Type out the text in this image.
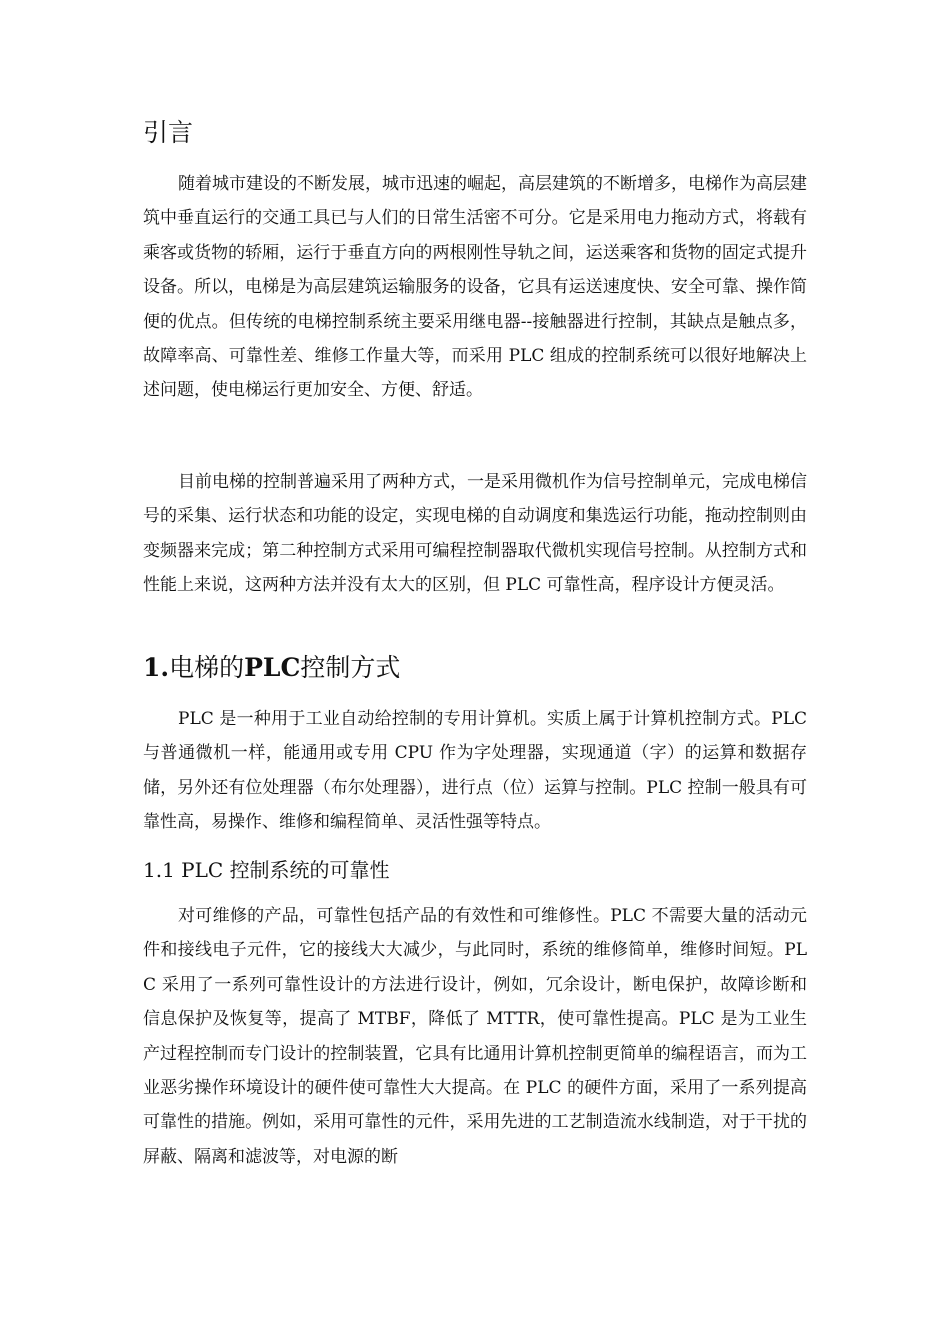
引言

随着城市建设的不断发展，城市迅速的崛起，高层建筑的不断增多，电梯作为高层建筑中垂直运行的交通工具已与人们的日常生活密不可分。它是采用电力拖动方式，将载有乘客或货物的轿厢，运行于垂直方向的两根刚性导轨之间，运送乘客和货物的固定式提升设备。所以，电梯是为高层建筑运输服务的设备，它具有运送速度快、安全可靠、操作简便的优点。但传统的电梯控制系统主要采用继电器--接触器进行控制，其缺点是触点多，故障率高、可靠性差、维修工作量大等，而采用 PLC 组成的控制系统可以很好地解决上述问题，使电梯运行更加安全、方便、舒适。

目前电梯的控制普遍采用了两种方式，一是采用微机作为信号控制单元，完成电梯信号的采集、运行状态和功能的设定，实现电梯的自动调度和集选运行功能，拖动控制则由变频器来完成；第二种控制方式采用可编程控制器取代微机实现信号控制。从控制方式和性能上来说，这两种方法并没有太大的区别，但 PLC 可靠性高，程序设计方便灵活。

1.电梯的PLC控制方式

PLC 是一种用于工业自动给控制的专用计算机。实质上属于计算机控制方式。PLC 与普通微机一样，能通用或专用 CPU 作为字处理器，实现通道（字）的运算和数据存储，另外还有位处理器（布尔处理器），进行点（位）运算与控制。PLC 控制一般具有可靠性高，易操作、维修和编程简单、灵活性强等特点。

1.1 PLC 控制系统的可靠性

对可维修的产品，可靠性包括产品的有效性和可维修性。PLC 不需要大量的活动元件和接线电子元件，它的接线大大减少，与此同时，系统的维修简单，维修时间短。PLC 采用了一系列可靠性设计的方法进行设计，例如，冗余设计，断电保护，故障诊断和信息保护及恢复等，提高了 MTBF，降低了 MTTR，使可靠性提高。PLC 是为工业生产过程控制而专门设计的控制装置，它具有比通用计算机控制更简单的编程语言，而为工业恶劣操作环境设计的硬件使可靠性大大提高。在 PLC 的硬件方面，采用了一系列提高可靠性的措施。例如，采用可靠性的元件，采用先进的工艺制造流水线制造，对于干扰的屏蔽、隔离和滤波等，对电源的断
